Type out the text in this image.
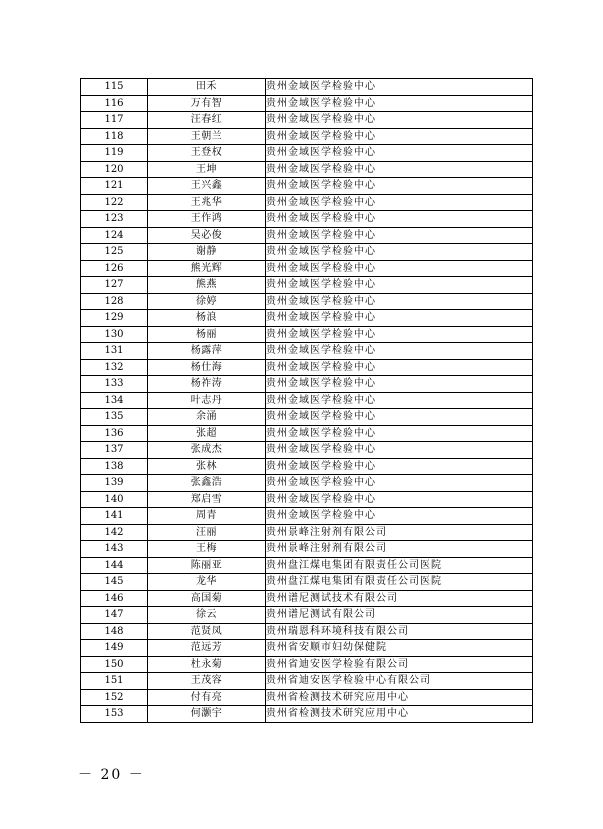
115	田禾	贵州金域医学检验中心
116	万有智	贵州金域医学检验中心
117	汪春红	贵州金域医学检验中心
118	王朝兰	贵州金域医学检验中心
119	王登权	贵州金域医学检验中心
120	王坤	贵州金域医学检验中心
121	王兴鑫	贵州金域医学检验中心
122	王兆华	贵州金域医学检验中心
123	王作鸿	贵州金域医学检验中心
124	吴必俊	贵州金域医学检验中心
125	谢静	贵州金域医学检验中心
126	熊光辉	贵州金域医学检验中心
127	熊燕	贵州金域医学检验中心
128	徐婷	贵州金域医学检验中心
129	杨浪	贵州金域医学检验中心
130	杨丽	贵州金域医学检验中心
131	杨露萍	贵州金域医学检验中心
132	杨仕海	贵州金域医学检验中心
133	杨祚涛	贵州金域医学检验中心
134	叶志丹	贵州金域医学检验中心
135	余涌	贵州金域医学检验中心
136	张超	贵州金域医学检验中心
137	张成杰	贵州金域医学检验中心
138	张林	贵州金域医学检验中心
139	张鑫浩	贵州金域医学检验中心
140	郑启雪	贵州金域医学检验中心
141	周青	贵州金域医学检验中心
142	汪丽	贵州景峰注射剂有限公司
143	王梅	贵州景峰注射剂有限公司
144	陈丽亚	贵州盘江煤电集团有限责任公司医院
145	龙华	贵州盘江煤电集团有限责任公司医院
146	高国菊	贵州谱尼测试技术有限公司
147	徐云	贵州谱尼测试有限公司
148	范贤凤	贵州瑞恩科环境科技有限公司
149	范远芳	贵州省安顺市妇幼保健院
150	杜永菊	贵州省迪安医学检验有限公司
151	王茂容	贵州省迪安医学检验中心有限公司
152	付有亮	贵州省检测技术研究应用中心
153	何灏宇	贵州省检测技术研究应用中心
－ 20 －
